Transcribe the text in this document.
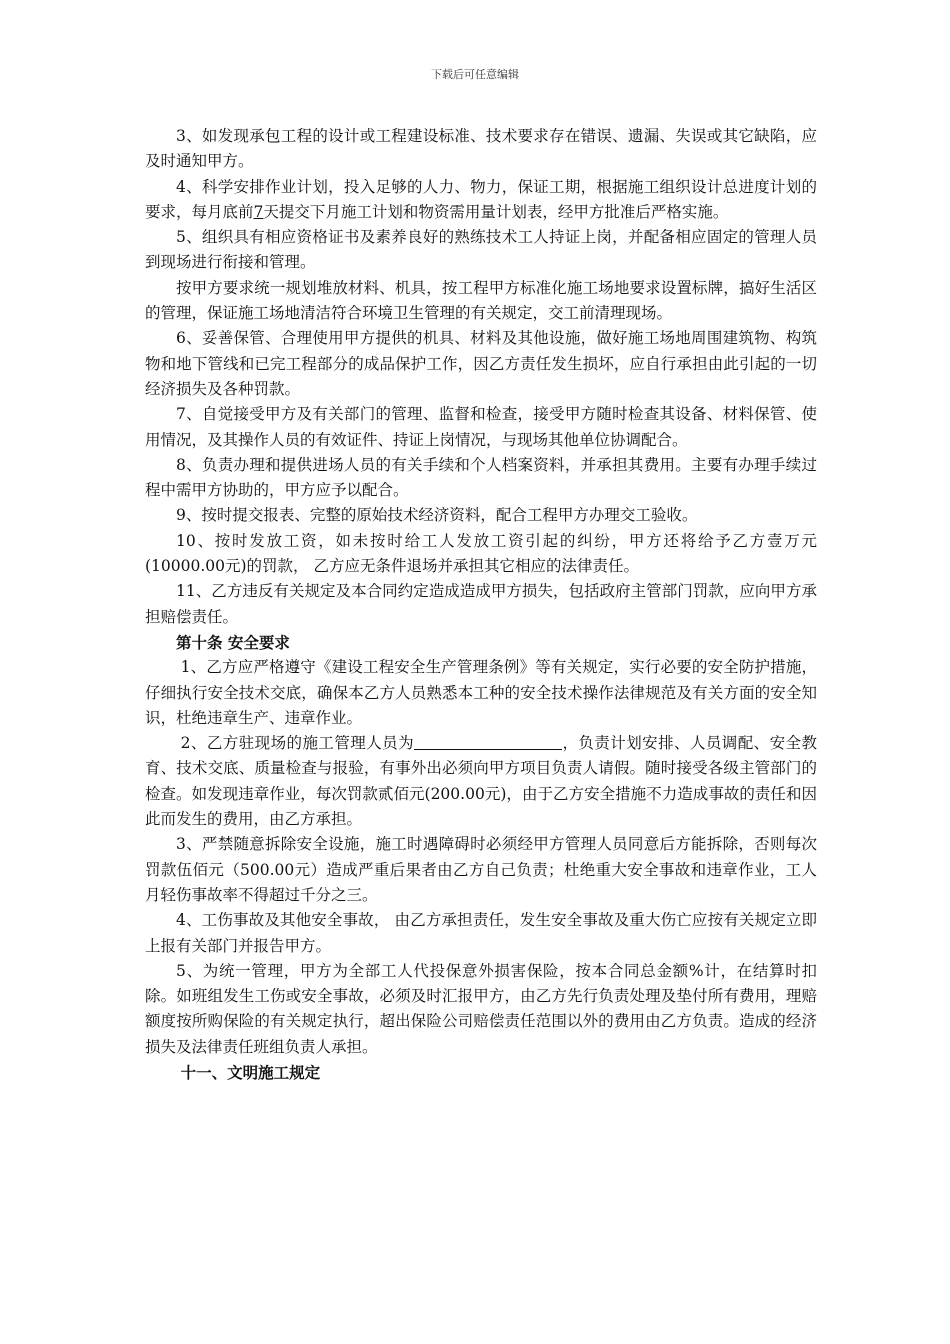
下载后可任意编辑

3、如发现承包工程的设计或工程建设标准、技术要求存在错误、遗漏、失误或其它缺陷，应及时通知甲方。

4、科学安排作业计划，投入足够的人力、物力，保证工期，根据施工组织设计总进度计划的要求，每月底前7天提交下月施工计划和物资需用量计划表，经甲方批准后严格实施。

5、组织具有相应资格证书及素养良好的熟练技术工人持证上岗，并配备相应固定的管理人员到现场进行衔接和管理。

按甲方要求统一规划堆放材料、机具，按工程甲方标准化施工场地要求设置标牌，搞好生活区的管理，保证施工场地清洁符合环境卫生管理的有关规定，交工前清理现场。

6、妥善保管、合理使用甲方提供的机具、材料及其他设施，做好施工场地周围建筑物、构筑物和地下管线和已完工程部分的成品保护工作，因乙方责任发生损坏，应自行承担由此引起的一切经济损失及各种罚款。

7、自觉接受甲方及有关部门的管理、监督和检查，接受甲方随时检查其设备、材料保管、使用情况，及其操作人员的有效证件、持证上岗情况，与现场其他单位协调配合。

8、负责办理和提供进场人员的有关手续和个人档案资料，并承担其费用。主要有办理手续过程中需甲方协助的，甲方应予以配合。

9、按时提交报表、完整的原始技术经济资料，配合工程甲方办理交工验收。

10、按时发放工资，如未按时给工人发放工资引起的纠纷，甲方还将给予乙方壹万元 (10000.00元)的罚款， 乙方应无条件退场并承担其它相应的法律责任。

11、乙方违反有关规定及本合同约定造成造成甲方损失，包括政府主管部门罚款，应向甲方承担赔偿责任。

第十条 安全要求

1、乙方应严格遵守《建设工程安全生产管理条例》等有关规定，实行必要的安全防护措施，仔细执行安全技术交底，确保本乙方人员熟悉本工种的安全技术操作法律规范及有关方面的安全知识，杜绝违章生产、违章作业。

2、乙方驻现场的施工管理人员为	，负责计划安排、人员调配、安全教育、技术交底、质量检查与报验，有事外出必须向甲方项目负责人请假。随时接受各级主管部门的检查。如发现违章作业，每次罚款贰佰元(200.00元)，由于乙方安全措施不力造成事故的责任和因此而发生的费用，由乙方承担。

3、严禁随意拆除安全设施，施工时遇障碍时必须经甲方管理人员同意后方能拆除，否则每次罚款伍佰元（500.00元）造成严重后果者由乙方自己负责；杜绝重大安全事故和违章作业，工人月轻伤事故率不得超过千分之三。

4、工伤事故及其他安全事故， 由乙方承担责任，发生安全事故及重大伤亡应按有关规定立即上报有关部门并报告甲方。

5、为统一管理，甲方为全部工人代投保意外损害保险，按本合同总金额%计，在结算时扣除。如班组发生工伤或安全事故，必须及时汇报甲方，由乙方先行负责处理及垫付所有费用，理赔额度按所购保险的有关规定执行，超出保险公司赔偿责任范围以外的费用由乙方负责。造成的经济损失及法律责任班组负责人承担。

十一、文明施工规定
